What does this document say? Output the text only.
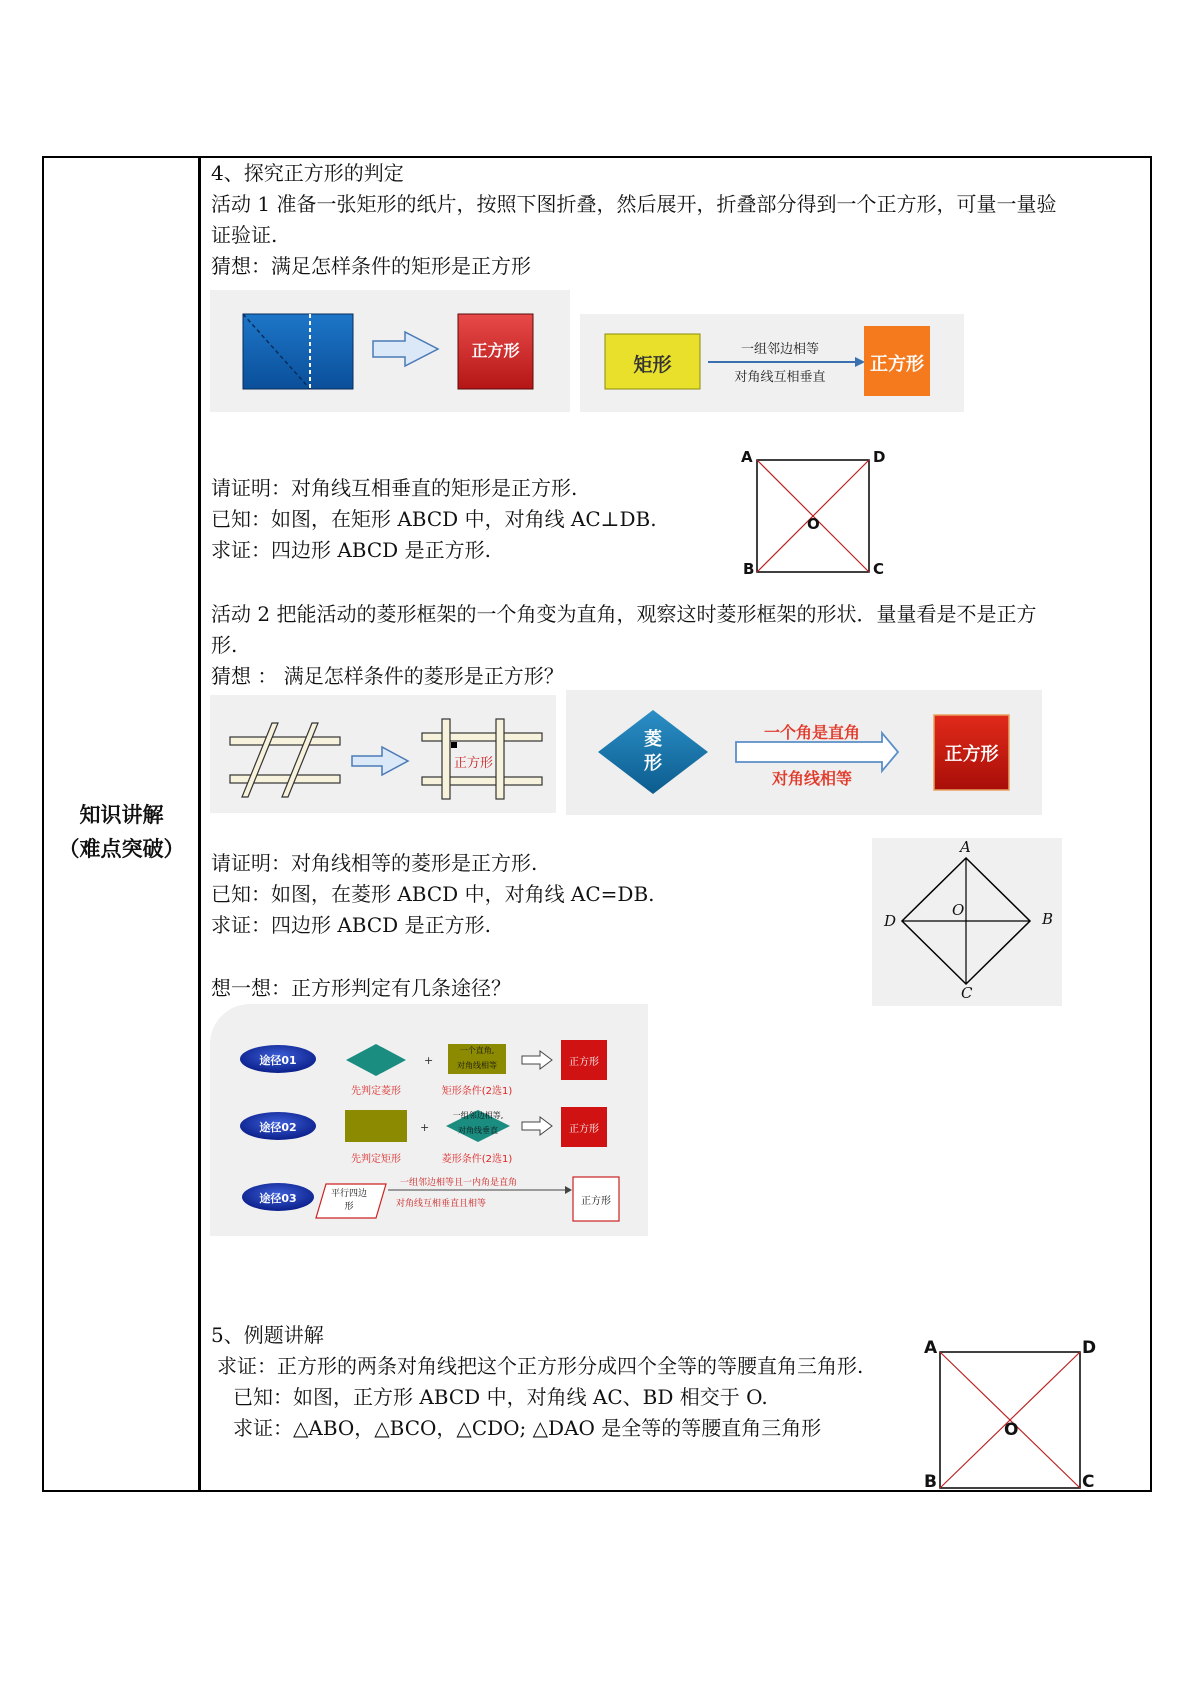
知识讲解
（难点突破）
4、探究正方形的判定
活动 1 准备一张矩形的纸片，按照下图折叠，然后展开，折叠部分得到一个正方形，可量一量验
证验证.
猜想：满足怎样条件的矩形是正方形
正方形
矩形
一组邻边相等
对角线互相垂直
正方形
请证明：对角线互相垂直的矩形是正方形.
已知：如图，在矩形 ABCD 中，对角线 AC⊥DB.
求证：四边形 ABCD 是正方形.
A	D
B	C
O
活动 2 把能活动的菱形框架的一个角变为直角，观察这时菱形框架的形状．量量看是不是正方
形.
猜想 ： 满足怎样条件的菱形是正方形？
正方形
菱形
一个角是直角
对角线相等
正方形
请证明：对角线相等的菱形是正方形.
已知：如图，在菱形 ABCD 中，对角线 AC=DB.
求证：四边形 ABCD 是正方形.
A
B
C
D
O
想一想：正方形判定有几条途径？
+
+
途径01
先判定菱形
一个直角,
对角线相等
矩形条件(2选1)
正方形
途径02
先判定矩形
一组邻边相等,
对角线垂直
菱形条件(2选1)
正方形
途径03	平行四边形
一组邻边相等且一内角是直角
对角线互相垂直且相等	正方形
5、例题讲解
求证：正方形的两条对角线把这个正方形分成四个全等的等腰直角三角形.
已知：如图，正方形 ABCD 中，对角线 AC、BD 相交于 O.
求证：△ABO，△BCO，△CDO; △DAO 是全等的等腰直角三角形
A	D
B	C
O
